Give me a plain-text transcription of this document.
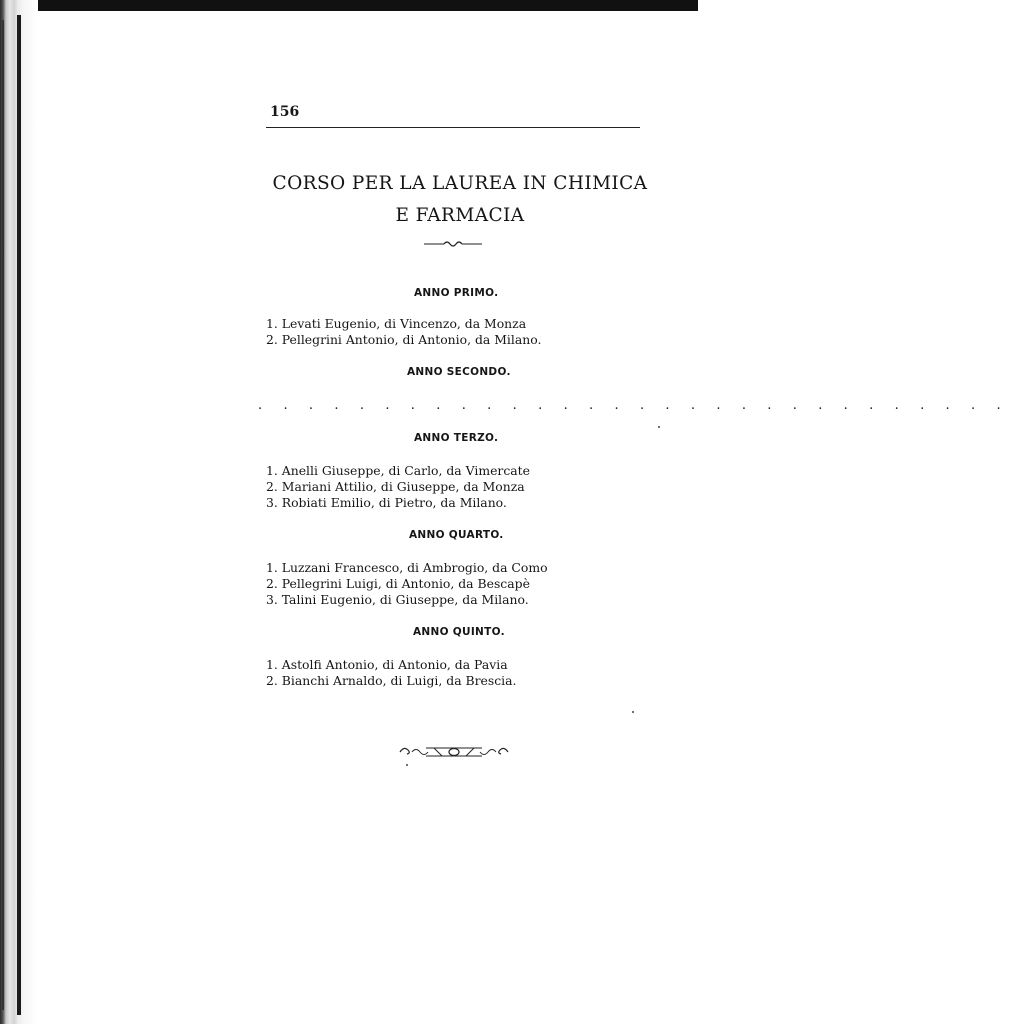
156
CORSO PER LA LAUREA IN CHIMICA
E FARMACIA
ANNO PRIMO.
1. Levati Eugenio, di Vincenzo, da Monza
2. Pellegrini Antonio, di Antonio, da Milano.
ANNO SECONDO.
. . . . . . . . . . . . . . . . . . . . . . . . . . . . . .
ANNO TERZO.
1. Anelli Giuseppe, di Carlo, da Vimercate
2. Mariani Attilio, di Giuseppe, da Monza
3. Robiati Emilio, di Pietro, da Milano.
ANNO QUARTO.
1. Luzzani Francesco, di Ambrogio, da Como
2. Pellegrini Luigi, di Antonio, da Bescapè
3. Talini Eugenio, di Giuseppe, da Milano.
ANNO QUINTO.
1. Astolfi Antonio, di Antonio, da Pavia
2. Bianchi Arnaldo, di Luigi, da Brescia.
